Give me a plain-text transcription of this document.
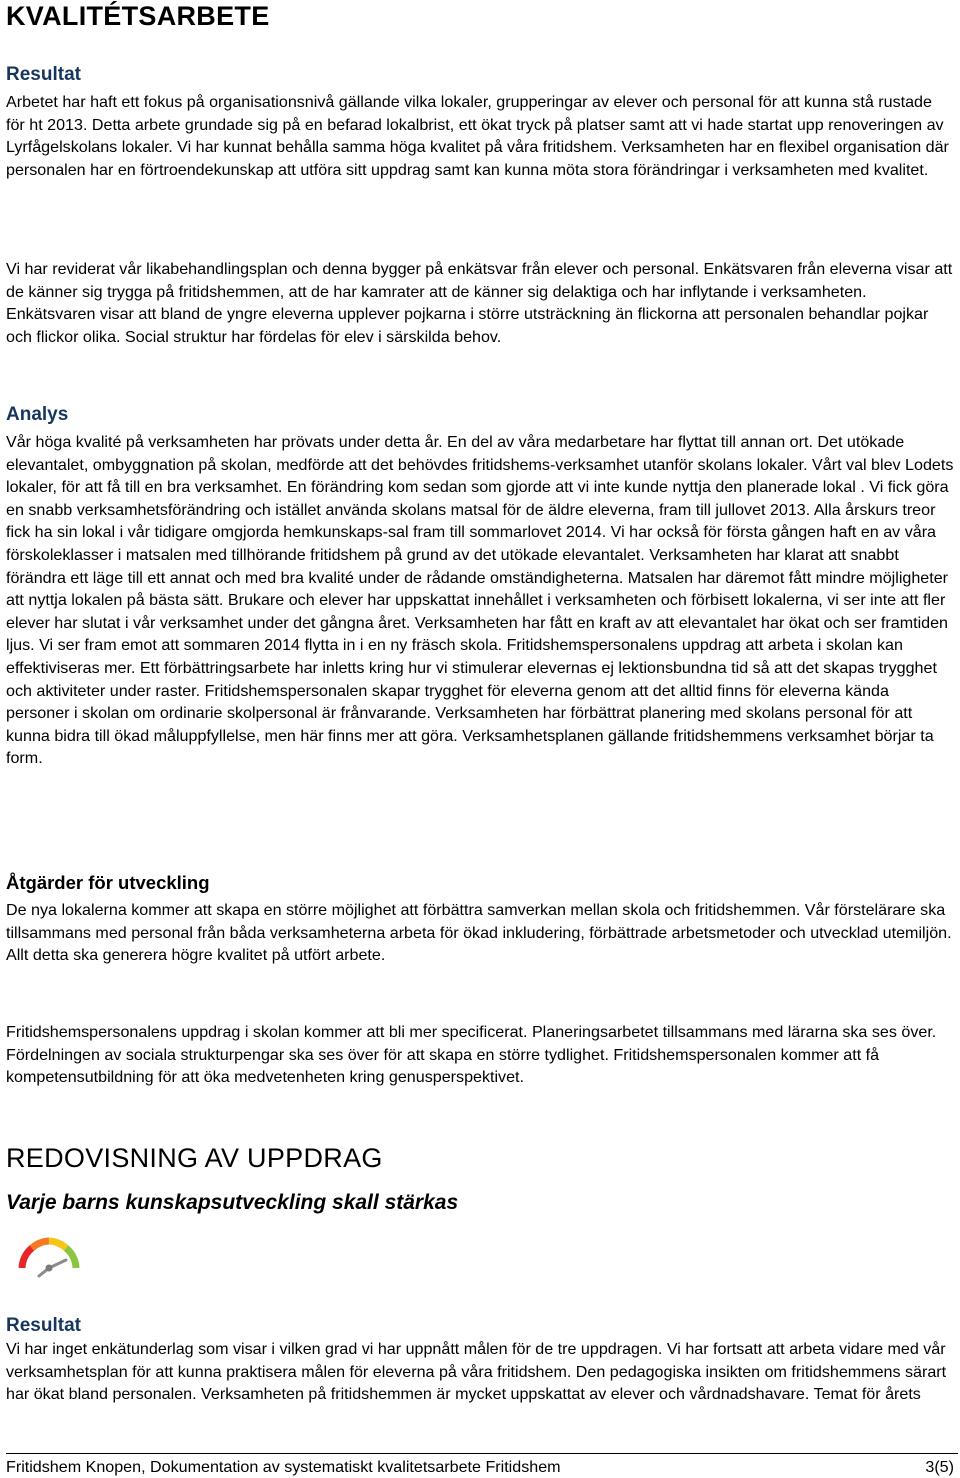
KVALITÉTSARBETE
Resultat

Arbetet har haft ett fokus på organisationsnivå gällande vilka lokaler, grupperingar av elever och personal för att kunna stå rustade för ht 2013. Detta arbete grundade sig på en befarad lokalbrist, ett ökat tryck på platser samt att vi hade startat upp renoveringen av Lyrfågelskolans lokaler. Vi har kunnat behålla samma höga kvalitet på våra fritidshem. Verksamheten har en flexibel organisation där personalen har en förtroendekunskap att utföra sitt uppdrag samt kan kunna möta stora förändringar i verksamheten med kvalitet.

Vi har reviderat vår likabehandlingsplan och denna bygger på enkätsvar från elever och personal. Enkätsvaren från eleverna visar att de känner sig trygga på fritidshemmen, att de har kamrater att de känner sig delaktiga och har inflytande i verksamheten. Enkätsvaren visar att bland de yngre eleverna upplever pojkarna i större utsträckning än flickorna att personalen behandlar pojkar och flickor olika. Social struktur har fördelas för elev i särskilda behov.

Analys

Vår höga kvalité på verksamheten har prövats under detta år. En del av våra medarbetare har flyttat till annan ort. Det utökade elevantalet, ombyggnation på skolan, medförde att det behövdes fritidshems-verksamhet utanför skolans lokaler. Vårt val blev Lodets lokaler, för att få till en bra verksamhet. En förändring kom sedan som gjorde att vi inte kunde nyttja den planerade lokal . Vi fick göra en snabb verksamhetsförändring och istället använda skolans matsal för de äldre eleverna, fram till jullovet 2013. Alla årskurs treor fick ha sin lokal i vår tidigare omgjorda hemkunskaps-sal fram till sommarlovet 2014. Vi har också för första gången haft en av våra förskoleklasser i matsalen med tillhörande fritidshem på grund av det utökade elevantalet. Verksamheten har klarat att snabbt förändra ett läge till ett annat och med bra kvalité under de rådande omständigheterna. Matsalen har däremot fått mindre möjligheter att nyttja lokalen på bästa sätt. Brukare och elever har uppskattat innehållet i verksamheten och förbisett lokalerna, vi ser inte att fler elever har slutat i vår verksamhet under det gångna året. Verksamheten har fått en kraft av att elevantalet har ökat och ser framtiden ljus. Vi ser fram emot att sommaren 2014 flytta in i en ny fräsch skola. Fritidshemspersonalens uppdrag att arbeta i skolan kan effektiviseras mer. Ett förbättringsarbete har inletts kring hur vi stimulerar elevernas ej lektionsbundna tid så att det skapas trygghet och aktiviteter under raster. Fritidshemspersonalen skapar trygghet för eleverna genom att det alltid finns för eleverna kända personer i skolan om ordinarie skolpersonal är frånvarande. Verksamheten har förbättrat planering med skolans personal för att kunna bidra till ökad måluppfyllelse, men här finns mer att göra. Verksamhetsplanen gällande fritidshemmens verksamhet börjar ta form.

Åtgärder för utveckling

De nya lokalerna kommer att skapa en större möjlighet att förbättra samverkan mellan skola och fritidshemmen. Vår förstelärare ska tillsammans med personal från båda verksamheterna arbeta för ökad inkludering, förbättrade arbetsmetoder och utvecklad utemiljön. Allt detta ska generera högre kvalitet på utfört arbete.

Fritidshemspersonalens uppdrag i skolan kommer att bli mer specificerat. Planeringsarbetet tillsammans med lärarna ska ses över. Fördelningen av sociala strukturpengar ska ses över för att skapa en större tydlighet. Fritidshemspersonalen kommer att få kompetensutbildning för att öka medvetenheten kring genusperspektivet.

REDOVISNING AV UPPDRAG
Varje barns kunskapsutveckling skall stärkas
Resultat

Vi har inget enkätunderlag som visar i vilken grad vi har uppnått målen för de tre uppdragen. Vi har fortsatt att arbeta vidare med vår verksamhetsplan för att kunna praktisera målen för eleverna på våra fritidshem. Den pedagogiska insikten om fritidshemmens särart har ökat bland personalen. Verksamheten på fritidshemmen är mycket uppskattat av elever och vårdnadshavare. Temat för årets

Fritidshem Knopen, Dokumentation av systematiskt kvalitetsarbete Fritidshem	3(5)
